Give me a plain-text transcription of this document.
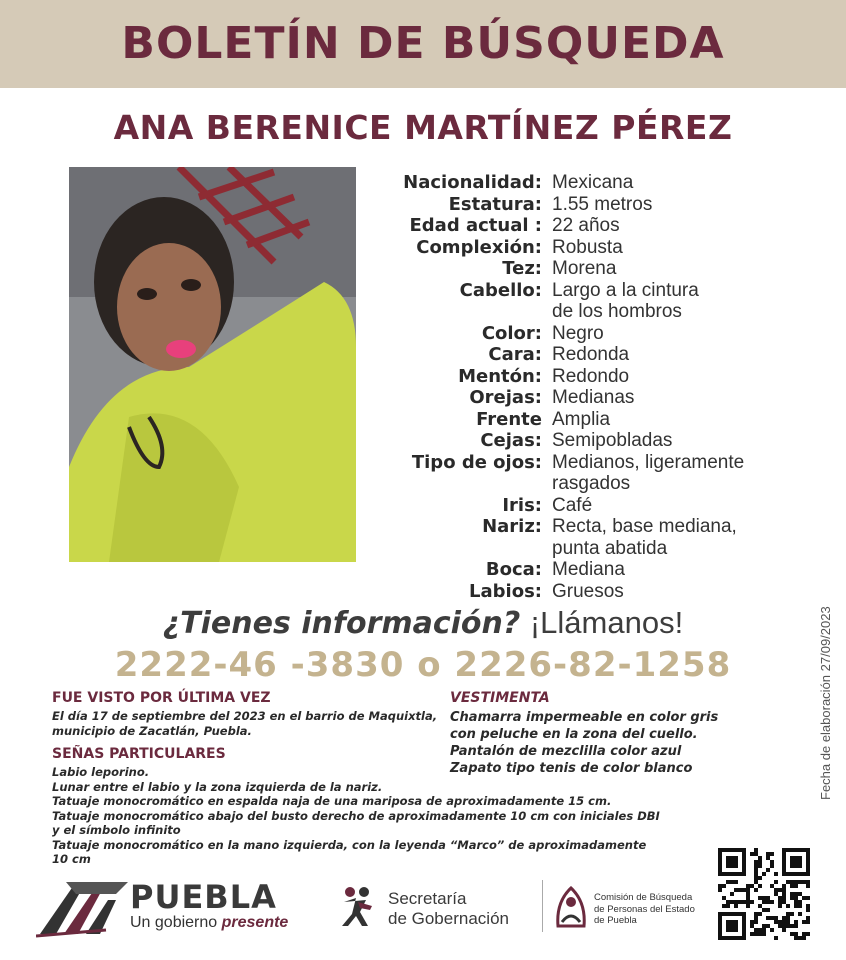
BOLETÍN DE BÚSQUEDA
ANA BERENICE MARTÍNEZ PÉREZ
Nacionalidad: Mexicana
Estatura: 1.55 metros
Edad actual : 22 años
Complexión: Robusta
Tez: Morena
Cabello: Largo a la cintura
de los hombros
Color: Negro
Cara: Redonda
Mentón: Redondo
Orejas: Medianas
Frente Amplia
Cejas: Semipobladas
Tipo de ojos: Medianos, ligeramente
rasgados
Iris: Café
Nariz: Recta, base mediana,
punta abatida
Boca: Mediana
Labios: Gruesos
¿Tienes información? ¡Llámanos!
2222-46 -3830 o 2226-82-1258
FUE VISTO POR ÚLTIMA VEZ
El día 17 de septiembre del 2023 en el barrio de Maquixtla,
municipio de Zacatlán, Puebla.
VESTIMENTA
Chamarra impermeable en color gris
con peluche en la zona del cuello.
Pantalón de mezclilla color azul
Zapato tipo tenis de color blanco
SEÑAS PARTICULARES
Labio leporino.
Lunar entre el labio y la zona izquierda de la nariz.
Tatuaje monocromático en espalda naja de una mariposa de aproximadamente 15 cm.
Tatuaje monocromático abajo del busto derecho de aproximadamente 10 cm con iniciales DBI
y el símbolo infinito
Tatuaje monocromático en la mano izquierda, con la leyenda “Marco” de aproximadamente
10 cm
Fecha de elaboración 27/09/2023
PUEBLA
Un gobierno presente
Secretaría
de Gobernación
Comisión de Búsqueda
de Personas del Estado
de Puebla
